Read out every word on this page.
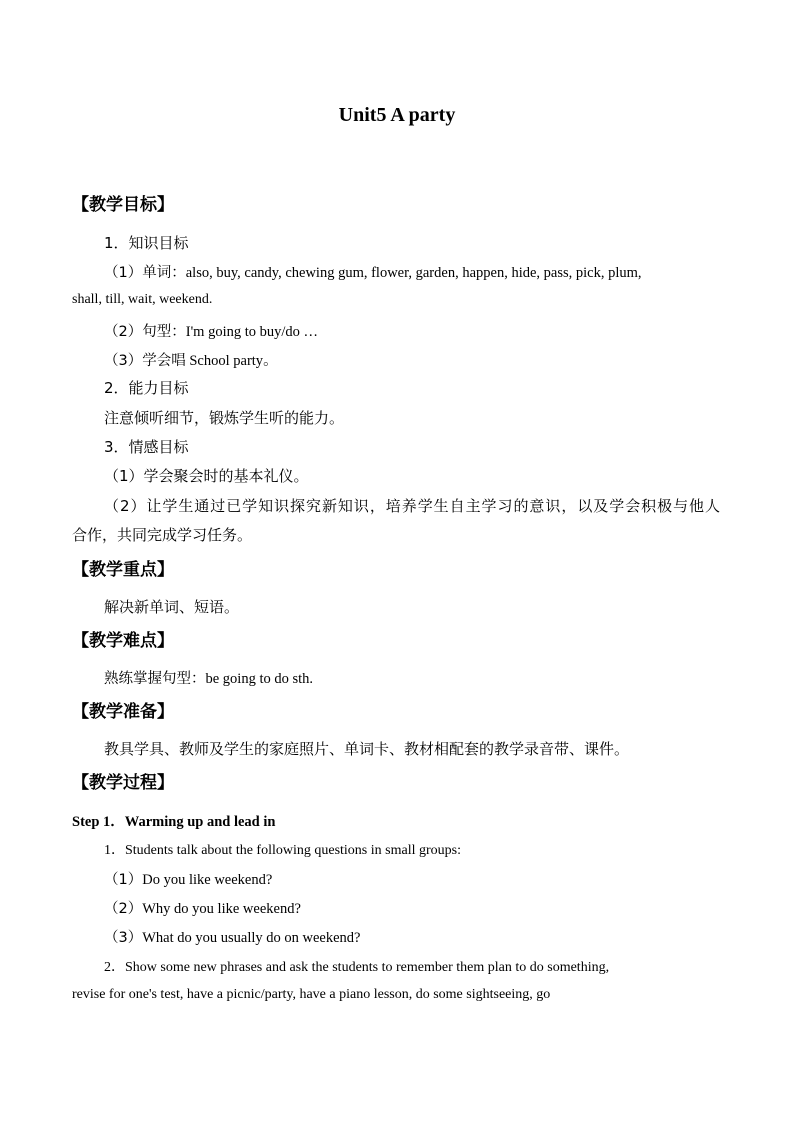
Unit5 A party
【教学目标】
1．知识目标
（1）单词：also, buy, candy, chewing gum, flower, garden, happen, hide, pass, pick, plum,
shall, till, wait, weekend.
（2）句型：I'm going to buy/do …
（3）学会唱 School party。
2．能力目标
注意倾听细节，锻炼学生听的能力。
3．情感目标
（1）学会聚会时的基本礼仪。
（2）让学生通过已学知识探究新知识，培养学生自主学习的意识，以及学会积极与他人
合作，共同完成学习任务。
【教学重点】
解决新单词、短语。
【教学难点】
熟练掌握句型：be going to do sth.
【教学准备】
教具学具、教师及学生的家庭照片、单词卡、教材相配套的教学录音带、课件。
【教学过程】
Step 1．Warming up and lead in
1．Students talk about the following questions in small groups:
（1）Do you like weekend?
（2）Why do you like weekend?
（3）What do you usually do on weekend?
2．Show some new phrases and ask the students to remember them plan to do something,
revise for one's test, have a picnic/party, have a piano lesson, do some sightseeing, go
